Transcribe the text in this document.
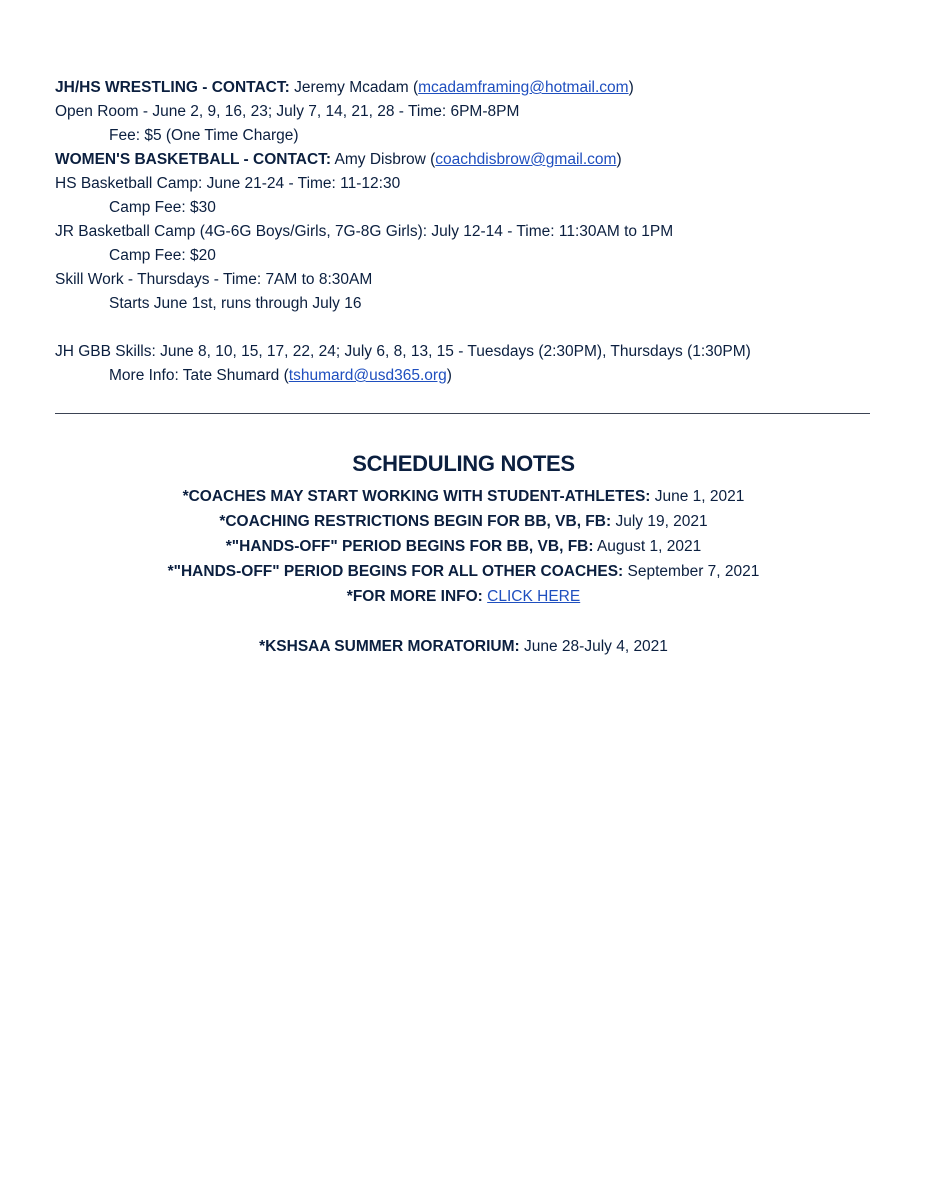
JH/HS WRESTLING - CONTACT: Jeremy Mcadam (mcadamframing@hotmail.com)
Open Room - June 2, 9, 16, 23; July 7, 14, 21, 28 - Time: 6PM-8PM
Fee: $5 (One Time Charge)
WOMEN'S BASKETBALL - CONTACT: Amy Disbrow (coachdisbrow@gmail.com)
HS Basketball Camp: June 21-24 - Time: 11-12:30
Camp Fee: $30
JR Basketball Camp (4G-6G Boys/Girls, 7G-8G Girls): July 12-14 - Time: 11:30AM to 1PM
Camp Fee: $20
Skill Work - Thursdays - Time: 7AM to 8:30AM
Starts June 1st, runs through July 16
JH GBB Skills: June 8, 10, 15, 17, 22, 24; July 6, 8, 13, 15 - Tuesdays (2:30PM), Thursdays (1:30PM)
More Info: Tate Shumard (tshumard@usd365.org)
SCHEDULING NOTES
*COACHES MAY START WORKING WITH STUDENT-ATHLETES: June 1, 2021
*COACHING RESTRICTIONS BEGIN FOR BB, VB, FB: July 19, 2021
*"HANDS-OFF" PERIOD BEGINS FOR BB, VB, FB: August 1, 2021
*"HANDS-OFF" PERIOD BEGINS FOR ALL OTHER COACHES: September 7, 2021
*FOR MORE INFO: CLICK HERE
*KSHSAA SUMMER MORATORIUM: June 28-July 4, 2021
